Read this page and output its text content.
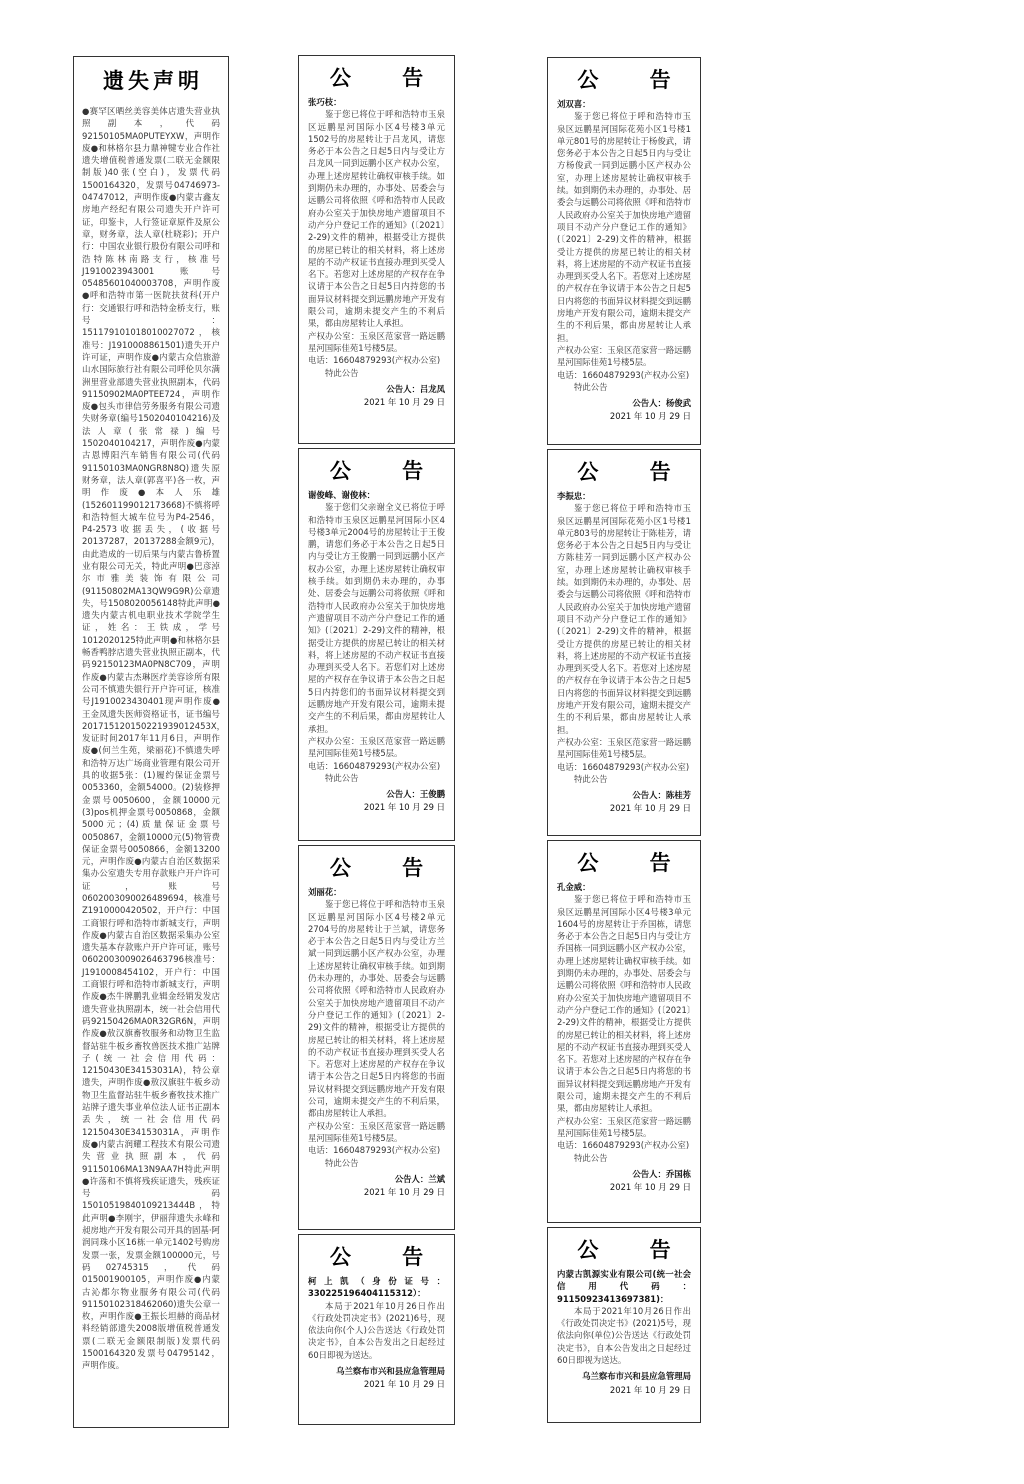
遗失声明
●赛罕区晒丝美容美体店遗失营业执照副本，代码92150105MA0PUTEYXW，声明作废●和林格尔县力鼎神犍专业合作社遗失增值税普通发票(二联无金额限制版)40张(空白)，发票代码1500164320，发票号04746973-04747012，声明作废●内蒙古鑫友房地产经纪有限公司遗失开户许可证，印鉴卡，人行签证章原件及原公章，财务章，法人章(杜晓彩)；开户行：中国农业银行股份有限公司呼和浩特陈林南路支行，核准号J1910023943001 账号05485601040003708，声明作废●呼和浩特市第一医院扶贫科(开户行：交通银行呼和浩特金桥支行，账号：151179101018010027072，核准号：J1910008861501)遗失开户许可证，声明作废●内蒙古众信旅游山水国际旅行社有限公司呼伦贝尔满洲里营业部遗失营业执照副本，代码91150902MA0PTEE724，声明作废●包头市律信劳务服务有限公司遗失财务章(编号1502040104216)及法人章(张常禄)编号1502040104217，声明作废●内蒙古恩博阳汽车销售有限公司(代码91150103MA0NGR8N8Q)遗失原财务章，法人章(郭喜平)各一枚，声明作废●本人乐雄(152601199012173668)不慎将呼和浩特恒大城车位号为P4-2546，P4-2573收据丢失，(收据号20137287，20137288金额9元)，由此造成的一切后果与内蒙古鲁桥置业有限公司无关，特此声明●巴彦淖尔市雅美装饰有限公司(91150802MA13QW9G9R)公章遗失，号1508020056148特此声明●遗失内蒙古机电职业技术学院学生证，姓名：王铁成，学号1012020125特此声明●和林格尔县畅香鸭脖店遗失营业执照正副本，代码92150123MA0PN8C709，声明作废●内蒙古杰琳医疗美容诊所有限公司不慎遗失银行开户许可证，核准号J1910023430401现声明作废●王金凤遗失医师资格证书，证书编号201715120150221939012453X，发证时间2017年11月6日，声明作废●(何兰生苑，梁丽花)不慎遗失呼和浩特万达广场商业管理有限公司开具的收据5张：(1)履约保证金票号0053360，金额54000。(2)装修押金票号0050600，金额10000元(3)pos机押金票号0050868，金额5000元；(4)质量保证金票号0050867，金额10000元(5)物管费保证金票号0050866，金额13200元，声明作废●内蒙古自治区数据采集办公室遗失专用存款账户开户许可证，账号0602003090026489694，核准号Z1910000420502，开户行：中国工商银行呼和浩特市新城支行，声明作废●内蒙古自治区数据采集办公室遗失基本存款账户开户许可证，账号0602003009026463796核准号：J1910008454102，开户行：中国工商银行呼和浩特市新城支行，声明作废●杰牛牌鹏乳业辑金经销发发店遗失营业执照副本，统一社会信用代码92150426MA0R32GR6N，声明作废●敖汉旗畜牧服务和动物卫生监督站驻牛板乡畜牧兽医技术推广站牌子(统一社会信用代码：12150430E34153031A)，特公章遗失，声明作废●敖汉旗驻牛板乡动物卫生监督站驻牛板乡畜牧技术推广站牌子遗失事业单位法人证书正副本丢失，统一社会信用代码12150430E34153031A，声明作废●内蒙古润耀工程技术有限公司遗失营业执照副本，代码91150106MA13N9AA7H特此声明●许荡和不慎将残疾证遗失，残疾证号码15010519840109213444B，特此声明●李刚宇，伊丽萍遗失永峰和昶房地产开发有限公司开具的固基·阿润同珠小区16栋一单元1402号购房发票一张，发票金额100000元，号码02745315，代码015001900105，声明作废●内蒙古沁都尔物业服务有限公司(代码91150102318462060)遗失公章一枚，声明作废●王振长坦赫的商品材料经销部遗失2008版增值税普通发票(二联无金额限制版)发票代码1500164320发票号04795142，声明作废。
公 告

张巧枝：

鉴于您已将位于呼和浩特市玉泉区远鹏星河国际小区4号楼3单元1502号的房屋转让于吕龙风，请您务必于本公告之日起5日内与受让方吕龙风一同到远鹏小区产权办公室，办理上述房屋转让确权审核手续。如到期仍未办理的，办事处、居委会与远鹏公司将依照《呼和浩特市人民政府办公室关于加快房地产遗留项目不动产分户登记工作的通知》(〔2021〕2-29)文件的精神，根据受让方提供的房屋已转让的相关材料，将上述房屋的不动产权证书直接办理到买受人名下。若您对上述房屋的产权存在争议请于本公告之日起5日内持您的书面异议材料提交到远鹏房地产开发有限公司，逾期未提交产生的不利后果，都由房屋转让人承担。

产权办公室：玉泉区范家营一路远鹏星河国际佳苑1号楼5层。

电话：16604879293(产权办公室)

特此公告

公告人：吕龙凤

2021 年 10 月 29 日

公 告

谢俊峰、谢俊林：

鉴于您们父亲谢全义已将位于呼和浩特市玉泉区远鹏星河国际小区4号楼3单元2004号的房屋转让于王俊鹏，请您们务必于本公告之日起5日内与受让方王俊鹏一同到远鹏小区产权办公室，办理上述房屋转让确权审核手续。如到期仍未办理的，办事处、居委会与远鹏公司将依照《呼和浩特市人民政府办公室关于加快房地产遗留项目不动产分户登记工作的通知》(〔2021〕2-29)文件的精神，根据受让方提供的房屋已转让的相关材料，将上述房屋的不动产权证书直接办理到买受人名下。若您们对上述房屋的产权存在争议请于本公告之日起5日内持您们的书面异议材料提交到远鹏房地产开发有限公司，逾期未提交产生的不利后果，都由房屋转让人承担。

产权办公室：玉泉区范家营一路远鹏星河国际佳苑1号楼5层。

电话：16604879293(产权办公室)

特此公告

公告人：王俊鹏

2021 年 10 月 29 日

公 告

刘丽花：

鉴于您已将位于呼和浩特市玉泉区远鹏星河国际小区4号楼2单元2704号的房屋转让于兰斌，请您务必于本公告之日起5日内与受让方兰斌一同到远鹏小区产权办公室，办理上述房屋转让确权审核手续。如到期仍未办理的，办事处、居委会与远鹏公司将依照《呼和浩特市人民政府办公室关于加快房地产遗留项目不动产分户登记工作的通知》(〔2021〕2-29)文件的精神，根据受让方提供的房屋已转让的相关材料，将上述房屋的不动产权证书直接办理到买受人名下。若您对上述房屋的产权存在争议请于本公告之日起5日内将您的书面异议材料提交到远鹏房地产开发有限公司，逾期未提交产生的不利后果，都由房屋转让人承担。

产权办公室：玉泉区范家营一路远鹏星河国际佳苑1号楼5层。

电话：16604879293(产权办公室)

特此公告

公告人：兰斌

2021 年 10 月 29 日

公 告

柯上凯（身份证号：330225196404115312）：

本局于2021年10月26日作出《行政处罚决定书》(2021)6号，现依法向你(个人)公告送达《行政处罚决定书》，自本公告发出之日起经过60日即视为送达。

乌兰察布市兴和县应急管理局

2021 年 10 月 29 日

公 告

刘双喜：

鉴于您已将位于呼和浩特市玉泉区远鹏星河国际花苑小区1号楼1单元801号的房屋转让于杨俊武，请您务必于本公告之日起5日内与受让方杨俊武一同到远鹏小区产权办公室，办理上述房屋转让确权审核手续。如到期仍未办理的，办事处、居委会与远鹏公司将依照《呼和浩特市人民政府办公室关于加快房地产遗留项目不动产分户登记工作的通知》(〔2021〕2-29)文件的精神，根据受让方提供的房屋已转让的相关材料，将上述房屋的不动产权证书直接办理到买受人名下。若您对上述房屋的产权存在争议请于本公告之日起5日内将您的书面异议材料提交到远鹏房地产开发有限公司，逾期未提交产生的不利后果，都由房屋转让人承担。

产权办公室：玉泉区范家营一路远鹏星河国际佳苑1号楼5层。

电话：16604879293(产权办公室)

特此公告

公告人：杨俊武

2021 年 10 月 29 日

公 告

李振忠：

鉴于您已将位于呼和浩特市玉泉区远鹏星河国际花苑小区1号楼1单元803号的房屋转让于陈桂芳，请您务必于本公告之日起5日内与受让方陈桂芳一同到远鹏小区产权办公室，办理上述房屋转让确权审核手续。如到期仍未办理的，办事处、居委会与远鹏公司将依照《呼和浩特市人民政府办公室关于加快房地产遗留项目不动产分户登记工作的通知》(〔2021〕2-29)文件的精神，根据受让方提供的房屋已转让的相关材料，将上述房屋的不动产权证书直接办理到买受人名下。若您对上述房屋的产权存在争议请于本公告之日起5日内将您的书面异议材料提交到远鹏房地产开发有限公司，逾期未提交产生的不利后果，都由房屋转让人承担。

产权办公室：玉泉区范家营一路远鹏星河国际佳苑1号楼5层。

电话：16604879293(产权办公室)

特此公告

公告人：陈桂芳

2021 年 10 月 29 日

公 告

孔金威：

鉴于您已将位于呼和浩特市玉泉区远鹏星河国际小区4号楼3单元1604号的房屋转让于乔国栋，请您务必于本公告之日起5日内与受让方乔国栋一同到远鹏小区产权办公室，办理上述房屋转让确权审核手续。如到期仍未办理的，办事处、居委会与远鹏公司将依照《呼和浩特市人民政府办公室关于加快房地产遗留项目不动产分户登记工作的通知》(〔2021〕2-29)文件的精神，根据受让方提供的房屋已转让的相关材料，将上述房屋的不动产权证书直接办理到买受人名下。若您对上述房屋的产权存在争议请于本公告之日起5日内将您的书面异议材料提交到远鹏房地产开发有限公司，逾期未提交产生的不利后果，都由房屋转让人承担。

产权办公室：玉泉区范家营一路远鹏星河国际佳苑1号楼5层。

电话：16604879293(产权办公室)

特此公告

公告人：乔国栋

2021 年 10 月 29 日

公 告

内蒙古凯源实业有限公司(统一社会信用代码：91150923413697381)：

本局于2021年10月26日作出《行政处罚决定书》(2021)5号，现依法向你(单位)公告送达《行政处罚决定书》，自本公告发出之日起经过60日即视为送达。

乌兰察布市兴和县应急管理局

2021 年 10 月 29 日
